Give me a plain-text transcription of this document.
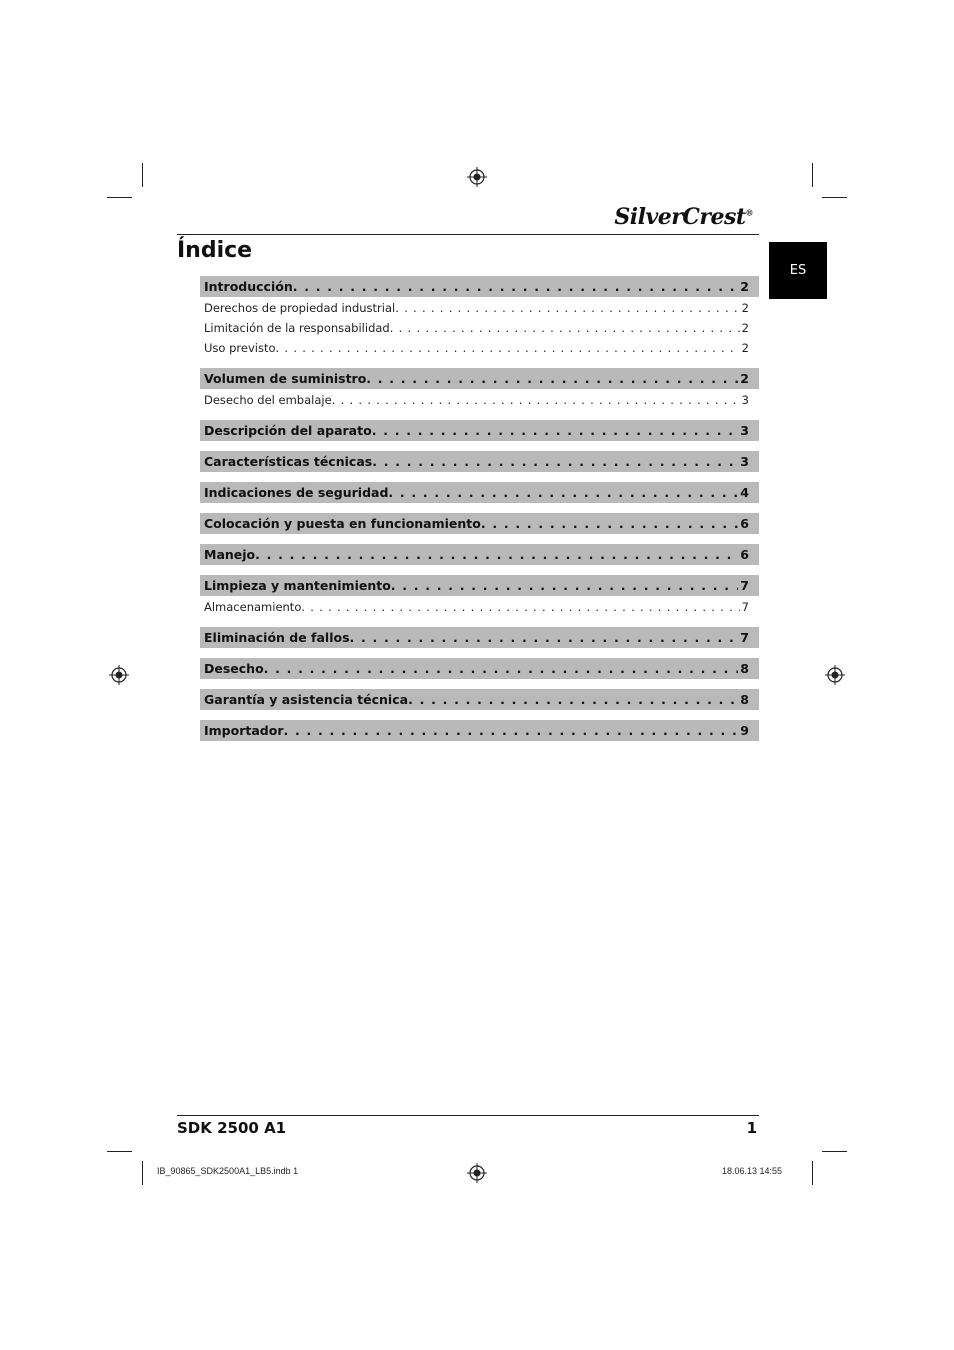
SilverCrest®
Índice
ES
Introducción . . .	2
Derechos de propiedad industrial . . .	2
Limitación de la responsabilidad . . .	2
Uso previsto . . .	2
Volumen de suministro . . .	2
Desecho del embalaje . . .	3
Descripción del aparato . . .	3
Características técnicas . . .	3
Indicaciones de seguridad . . .	4
Colocación y puesta en funcionamiento . . .	6
Manejo . . .	6
Limpieza y mantenimiento . . .	7
Almacenamiento . . .	7
Eliminación de fallos . . .	7
Desecho . . .	8
Garantía y asistencia técnica . . .	8
Importador . . .	9
SDK 2500 A1	1
IB_90865_SDK2500A1_LB5.indb 1	18.06.13 14:55
